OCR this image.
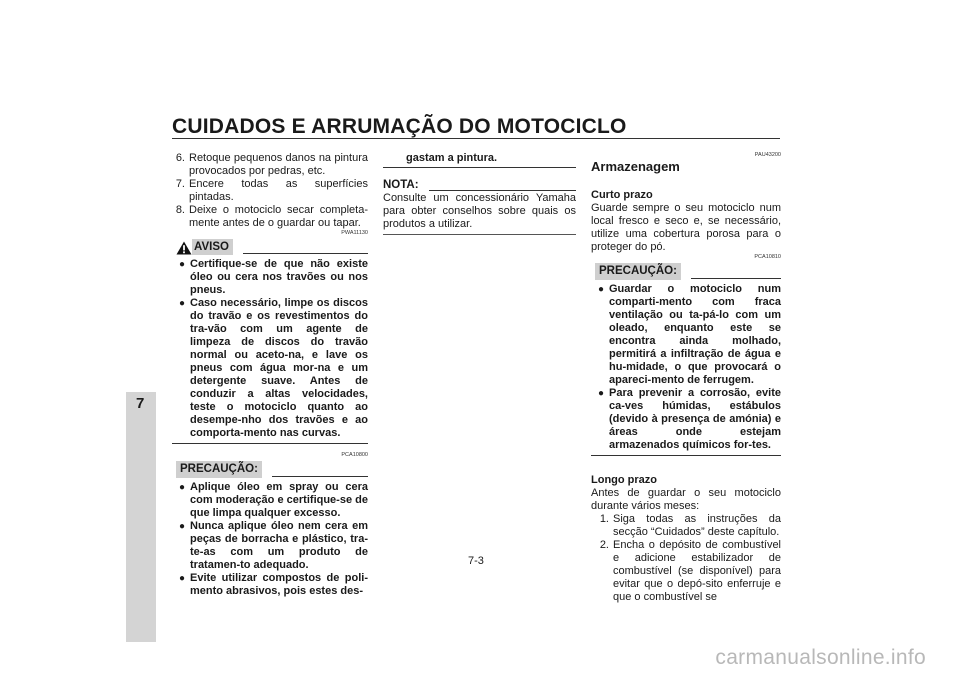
CUIDADOS E ARRUMAÇÃO DO MOTOCICLO
7
6. Retoque pequenos danos na pintura provocados por pedras, etc.
7. Encere todas as superfícies pintadas.
8. Deixe o motociclo secar completa-mente antes de o guardar ou tapar.
PWA11130
AVISO
● Certifique-se de que não existe óleo ou cera nos travões ou nos pneus.
● Caso necessário, limpe os discos do travão e os revestimentos do tra-vão com um agente de limpeza de discos do travão normal ou aceto-na, e lave os pneus com água mor-na e um detergente suave. Antes de conduzir a altas velocidades, teste o motociclo quanto ao desempe-nho dos travões e ao comporta-mento nas curvas.
PCA10800
PRECAUÇÃO:
● Aplique óleo em spray ou cera com moderação e certifique-se de que limpa qualquer excesso.
● Nunca aplique óleo nem cera em peças de borracha e plástico, tra-te-as com um produto de tratamen-to adequado.
● Evite utilizar compostos de poli-mento abrasivos, pois estes des-
gastam a pintura.
NOTA:
Consulte um concessionário Yamaha para obter conselhos sobre quais os produtos a utilizar.
PAU43200
Armazenagem
Curto prazo
Guarde sempre o seu motociclo num local fresco e seco e, se necessário, utilize uma cobertura porosa para o proteger do pó.
PCA10810
PRECAUÇÃO:
● Guardar o motociclo num comparti-mento com fraca ventilação ou ta-pá-lo com um oleado, enquanto este se encontra ainda molhado, permitirá a infiltração de água e hu-midade, o que provocará o apareci-mento de ferrugem.
● Para prevenir a corrosão, evite ca-ves húmidas, estábulos (devido à presença de amónia) e áreas onde estejam armazenados químicos for-tes.
Longo prazo
Antes de guardar o seu motociclo durante vários meses:
1. Siga todas as instruções da secção “Cuidados” deste capítulo.
2. Encha o depósito de combustível e adicione estabilizador de combustível (se disponível) para evitar que o depó-sito enferruje e que o combustível se
7-3
carmanualsonline.info
